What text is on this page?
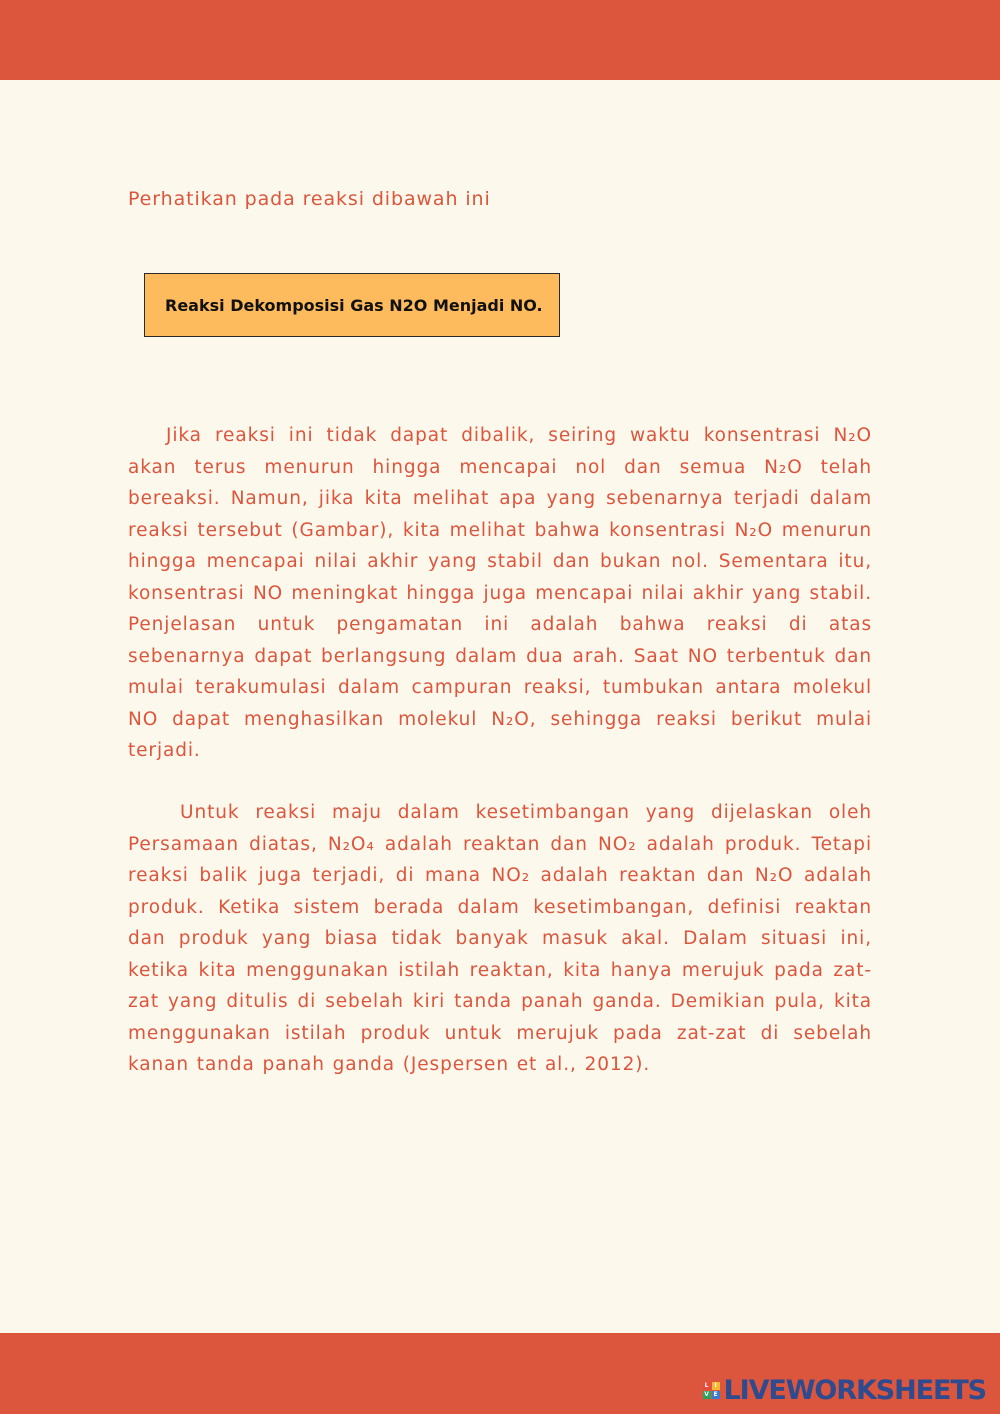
Perhatikan pada reaksi dibawah ini

Reaksi Dekomposisi Gas N2O Menjadi NO.

Jika reaksi ini tidak dapat dibalik, seiring waktu konsentrasi N₂O akan terus menurun hingga mencapai nol dan semua N₂O telah bereaksi. Namun, jika kita melihat apa yang sebenarnya terjadi dalam reaksi tersebut (Gambar), kita melihat bahwa konsentrasi N₂O menurun hingga mencapai nilai akhir yang stabil dan bukan nol. Sementara itu, konsentrasi NO meningkat hingga juga mencapai nilai akhir yang stabil. Penjelasan untuk pengamatan ini adalah bahwa reaksi di atas sebenarnya dapat berlangsung dalam dua arah. Saat NO terbentuk dan mulai terakumulasi dalam campuran reaksi, tumbukan antara molekul NO dapat menghasilkan molekul N₂O, sehingga reaksi berikut mulai terjadi.

Untuk reaksi maju dalam kesetimbangan yang dijelaskan oleh Persamaan diatas, N₂O₄ adalah reaktan dan NO₂ adalah produk. Tetapi reaksi balik juga terjadi, di mana NO₂ adalah reaktan dan N₂O adalah produk. Ketika sistem berada dalam kesetimbangan, definisi reaktan dan produk yang biasa tidak banyak masuk akal. Dalam situasi ini, ketika kita menggunakan istilah reaktan, kita hanya merujuk pada zat-zat yang ditulis di sebelah kiri tanda panah ganda. Demikian pula, kita menggunakan istilah produk untuk merujuk pada zat-zat di sebelah kanan tanda panah ganda (Jespersen et al., 2012).

L I
V E LIVEWORKSHEETS
